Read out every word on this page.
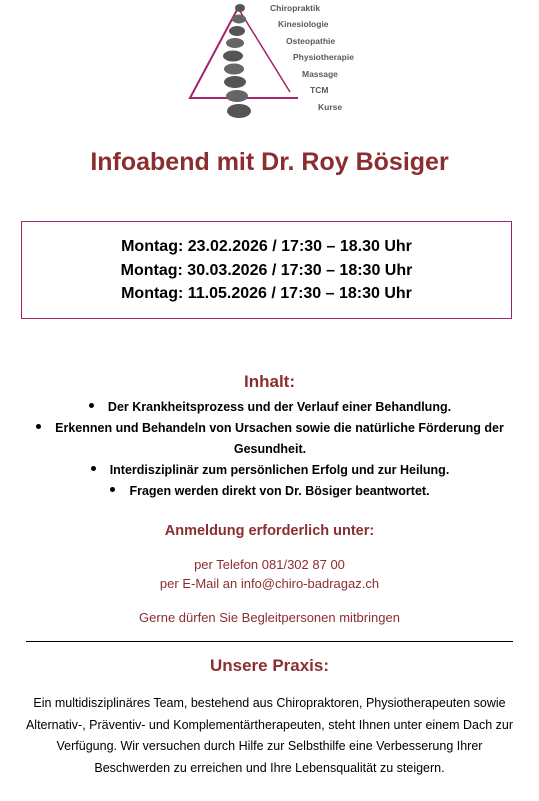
Chiropraktik
Kinesiologie
Osteopathie
Physiotherapie
Massage
TCM
Kurse
Infoabend mit Dr. Roy Bösiger
Montag: 23.02.2026 / 17:30 – 18.30 Uhr
Montag: 30.03.2026 / 17:30 – 18:30 Uhr
Montag: 11.05.2026 / 17:30 – 18:30 Uhr
Inhalt:
Der Krankheitsprozess und der Verlauf einer Behandlung.
Erkennen und Behandeln von Ursachen sowie die natürliche Förderung der Gesundheit.
Interdisziplinär zum persönlichen Erfolg und zur Heilung.
Fragen werden direkt von Dr. Bösiger beantwortet.
Anmeldung erforderlich unter:
per Telefon 081/302 87 00
per E-Mail an info@chiro-badragaz.ch
Gerne dürfen Sie Begleitpersonen mitbringen
Unsere Praxis:
Ein multidisziplinäres Team, bestehend aus Chiropraktoren, Physiotherapeuten sowie Alternativ-, Präventiv- und Komplementärtherapeuten, steht Ihnen unter einem Dach zur Verfügung. Wir versuchen durch Hilfe zur Selbsthilfe eine Verbesserung Ihrer Beschwerden zu erreichen und Ihre Lebensqualität zu steigern.
